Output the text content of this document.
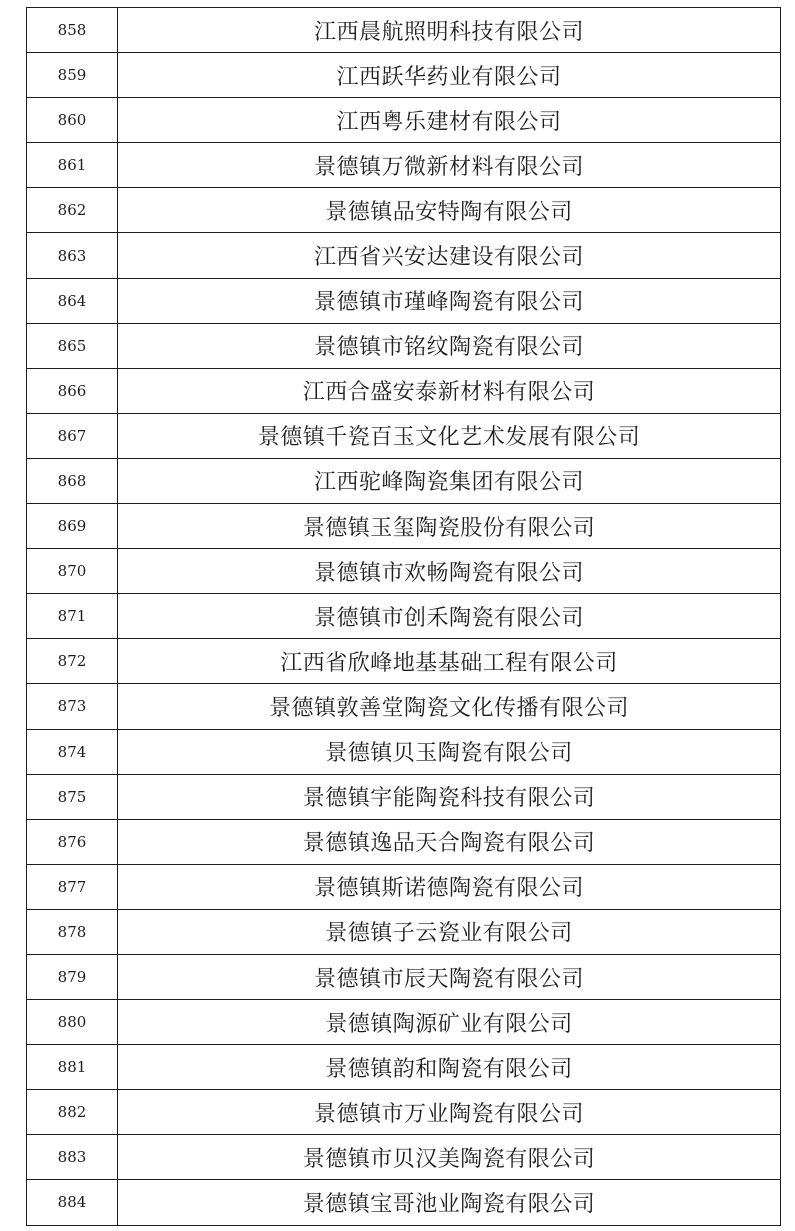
858	江西晨航照明科技有限公司
859	江西跃华药业有限公司
860	江西粤乐建材有限公司
861	景德镇万微新材料有限公司
862	景德镇品安特陶有限公司
863	江西省兴安达建设有限公司
864	景德镇市瑾峰陶瓷有限公司
865	景德镇市铭纹陶瓷有限公司
866	江西合盛安泰新材料有限公司
867	景德镇千瓷百玉文化艺术发展有限公司
868	江西驼峰陶瓷集团有限公司
869	景德镇玉玺陶瓷股份有限公司
870	景德镇市欢畅陶瓷有限公司
871	景德镇市创禾陶瓷有限公司
872	江西省欣峰地基基础工程有限公司
873	景德镇敦善堂陶瓷文化传播有限公司
874	景德镇贝玉陶瓷有限公司
875	景德镇宇能陶瓷科技有限公司
876	景德镇逸品天合陶瓷有限公司
877	景德镇斯诺德陶瓷有限公司
878	景德镇子云瓷业有限公司
879	景德镇市辰天陶瓷有限公司
880	景德镇陶源矿业有限公司
881	景德镇韵和陶瓷有限公司
882	景德镇市万业陶瓷有限公司
883	景德镇市贝汉美陶瓷有限公司
884	景德镇宝哥池业陶瓷有限公司
